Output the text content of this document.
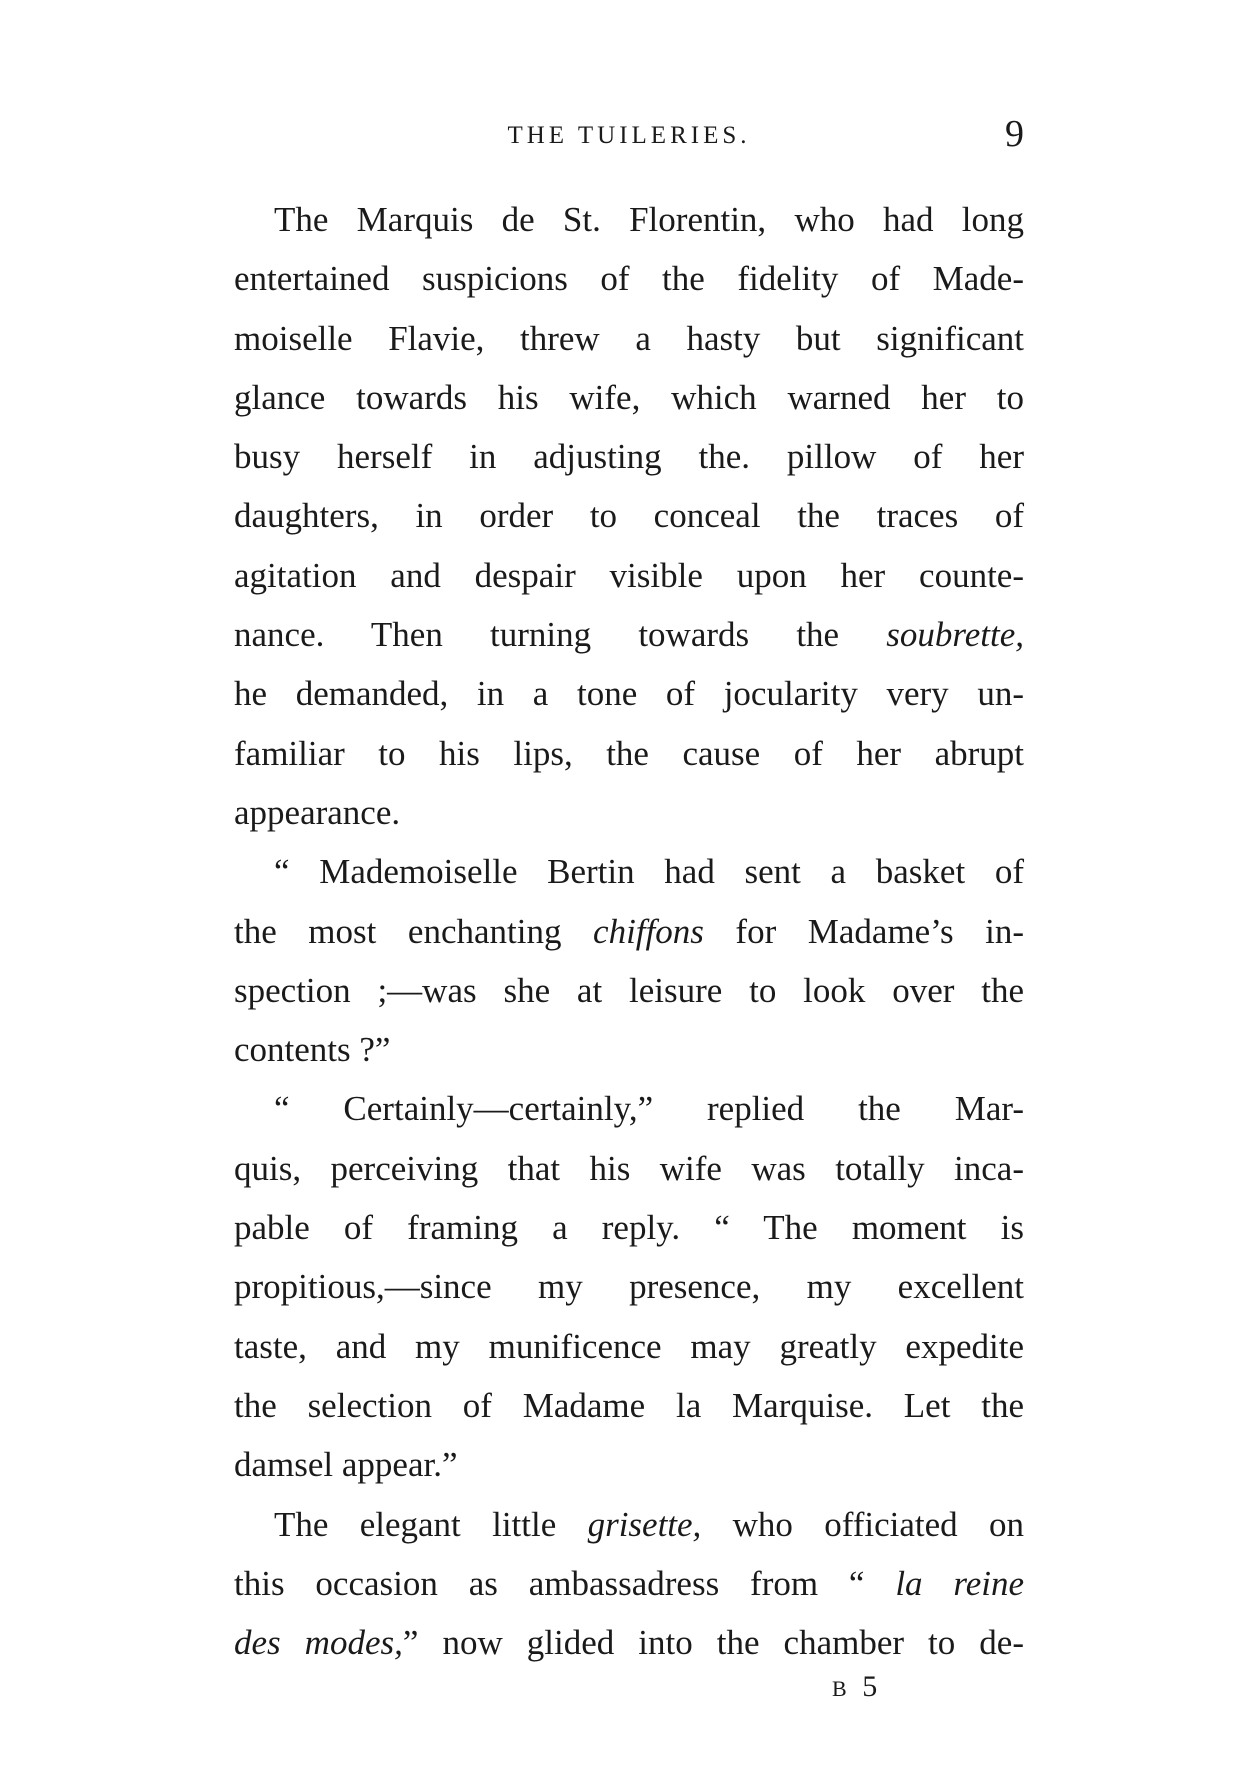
THE TUILERIES.	9
The Marquis de St. Florentin, who had long
entertained suspicions of the fidelity of Made-
moiselle Flavie, threw a hasty but significant
glance towards his wife, which warned her to
busy herself in adjusting the. pillow of her
daughters, in order to conceal the traces of
agitation and despair visible upon her counte-
nance. Then turning towards the soubrette,
he demanded, in a tone of jocularity very un-
familiar to his lips, the cause of her abrupt
appearance.
“ Mademoiselle Bertin had sent a basket of
the most enchanting chiffons for Madame’s in-
spection ;—was she at leisure to look over the
contents ?”
“ Certainly—certainly,” replied the Mar-
quis, perceiving that his wife was totally inca-
pable of framing a reply. “ The moment is
propitious,—since my presence, my excellent
taste, and my munificence may greatly expedite
the selection of Madame la Marquise. Let the
damsel appear.”
The elegant little grisette, who officiated on
this occasion as ambassadress from “ la reine
des modes,” now glided into the chamber to de-
B 5
